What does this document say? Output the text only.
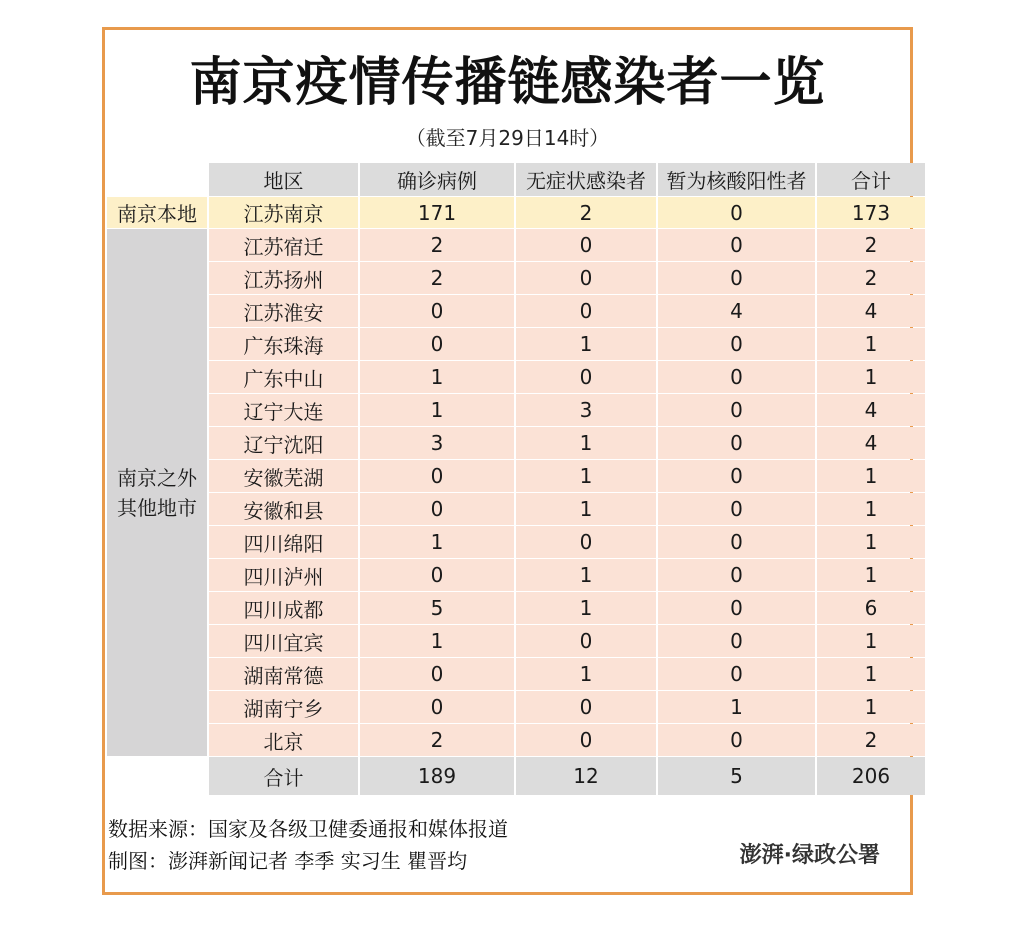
南京疫情传播链感染者一览
（截至7月29日14时）
地区	确诊病例	无症状感染者	暂为核酸阳性者	合计
南京本地	江苏南京	171	2	0	173
南京之外
其他地市
江苏宿迁	2	0	0	2
江苏扬州	2	0	0	2
江苏淮安	0	0	4	4
广东珠海	0	1	0	1
广东中山	1	0	0	1
辽宁大连	1	3	0	4
辽宁沈阳	3	1	0	4
安徽芜湖	0	1	0	1
安徽和县	0	1	0	1
四川绵阳	1	0	0	1
四川泸州	0	1	0	1
四川成都	5	1	0	6
四川宜宾	1	0	0	1
湖南常德	0	1	0	1
湖南宁乡	0	0	1	1
北京	2	0	0	2
合计	189	12	5	206
数据来源：国家及各级卫健委通报和媒体报道
制图：澎湃新闻记者 李季 实习生 瞿晋均	澎湃·绿政公署
